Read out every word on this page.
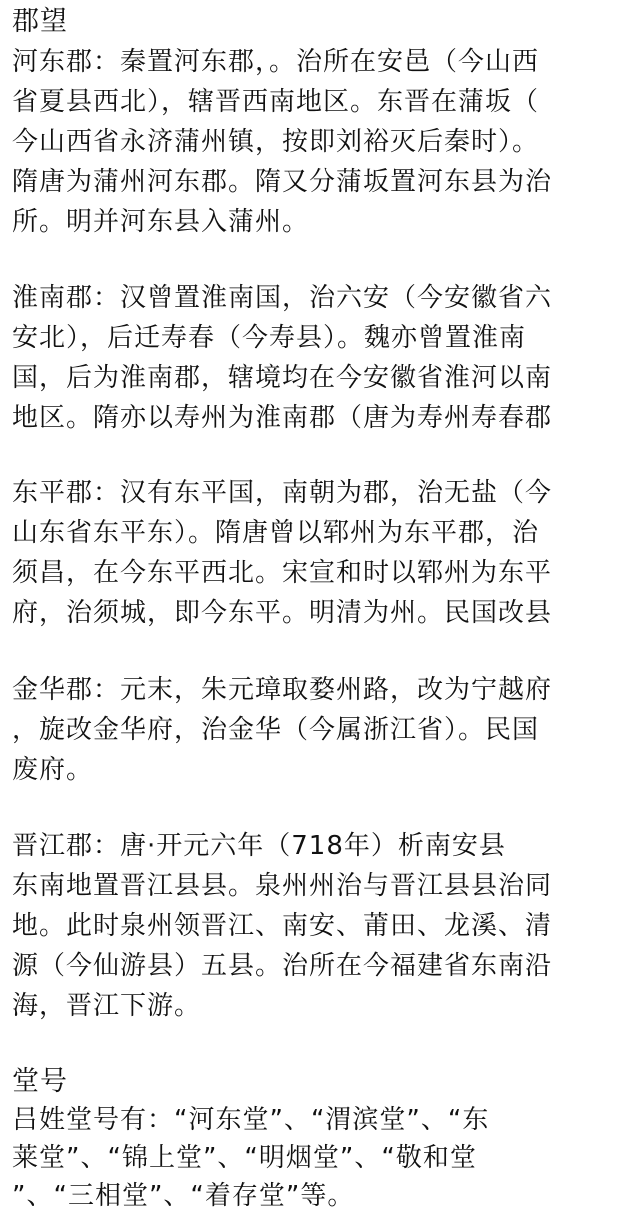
郡望
河东郡：秦置河东郡，。治所在安邑（今山西
省夏县西北），辖晋西南地区。东晋在蒲坂（
今山西省永济蒲州镇，按即刘裕灭后秦时）。
隋唐为蒲州河东郡。隋又分蒲坂置河东县为治
所。明并河东县入蒲州。
淮南郡：汉曾置淮南国，治六安（今安徽省六
安北），后迁寿春（今寿县）。魏亦曾置淮南
国，后为淮南郡，辖境均在今安徽省淮河以南
地区。隋亦以寿州为淮南郡（唐为寿州寿春郡
东平郡：汉有东平国，南朝为郡，治无盐（今
山东省东平东）。隋唐曾以郓州为东平郡，治
须昌，在今东平西北。宋宣和时以郓州为东平
府，治须城，即今东平。明清为州。民国改县
金华郡：元末，朱元璋取婺州路，改为宁越府
，旋改金华府，治金华（今属浙江省）。民国
废府。
晋江郡：唐·开元六年（718年）析南安县
东南地置晋江县县。泉州州治与晋江县县治同
地。此时泉州领晋江、南安、莆田、龙溪、清
源（今仙游县）五县。治所在今福建省东南沿
海，晋江下游。
堂号
吕姓堂号有：“河东堂”、“渭滨堂”、“东
莱堂”、“锦上堂”、“明烟堂”、“敬和堂
”、“三相堂”、“着存堂”等。
